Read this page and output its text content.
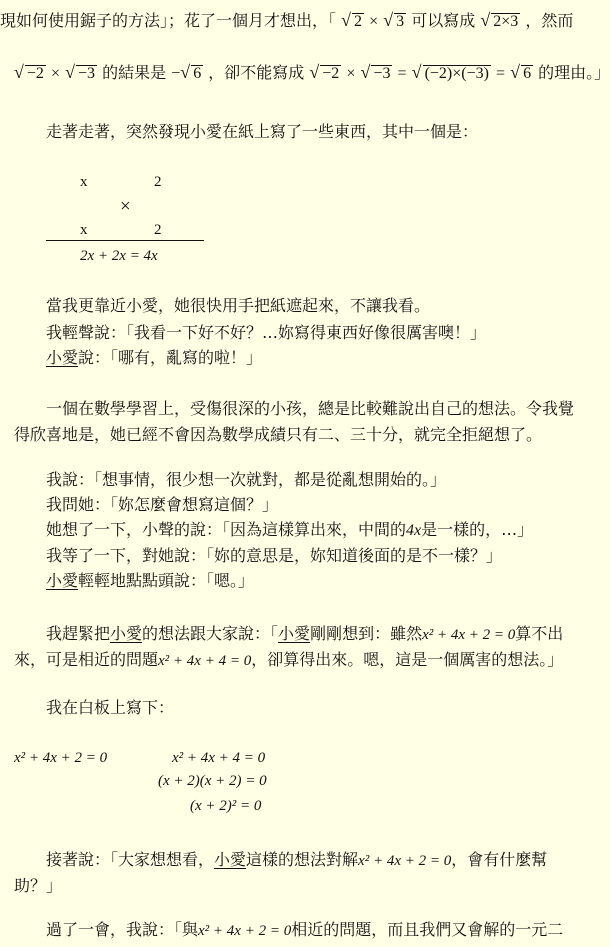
現如何使用鋸子的方法」；花了一個月才想出，「 √ 2 × √ 3 可以寫成 √ 2×3 ，然而
√ −2 × √ −3 的結果是 −√ 6 ，卻不能寫成 √ −2 × √ −3 = √ (−2)×(−3) = √ 6 的理由。」
走著走著，突然發現小愛在紙上寫了一些東西，其中一個是：
x	2
×
x	2
2x + 2x = 4x
當我更靠近小愛，她很快用手把紙遮起來，不讓我看。
我輕聲說：「我看一下好不好？…妳寫得東西好像很厲害噢！」
小愛說：「哪有，亂寫的啦！」
一個在數學學習上，受傷很深的小孩，總是比較難說出自己的想法。令我覺
得欣喜地是，她已經不會因為數學成績只有二、三十分，就完全拒絕想了。
我說：「想事情，很少想一次就對，都是從亂想開始的。」
我問她：「妳怎麼會想寫這個？」
她想了一下，小聲的說：「因為這樣算出來，中間的4x是一樣的，…」
我等了一下，對她說：「妳的意思是，妳知道後面的是不一樣？」
小愛輕輕地點點頭說：「嗯。」
我趕緊把小愛的想法跟大家說：「小愛剛剛想到：雖然x² + 4x + 2 = 0算不出
來，可是相近的問題x² + 4x + 4 = 0，卻算得出來。嗯，這是一個厲害的想法。」
我在白板上寫下：
x² + 4x + 2 = 0	x² + 4x + 4 = 0
(x + 2)(x + 2) = 0
(x + 2)² = 0
接著說：「大家想想看，小愛這樣的想法對解x² + 4x + 2 = 0，會有什麼幫
助？」
過了一會，我說：「與x² + 4x + 2 = 0相近的問題，而且我們又會解的一元二
